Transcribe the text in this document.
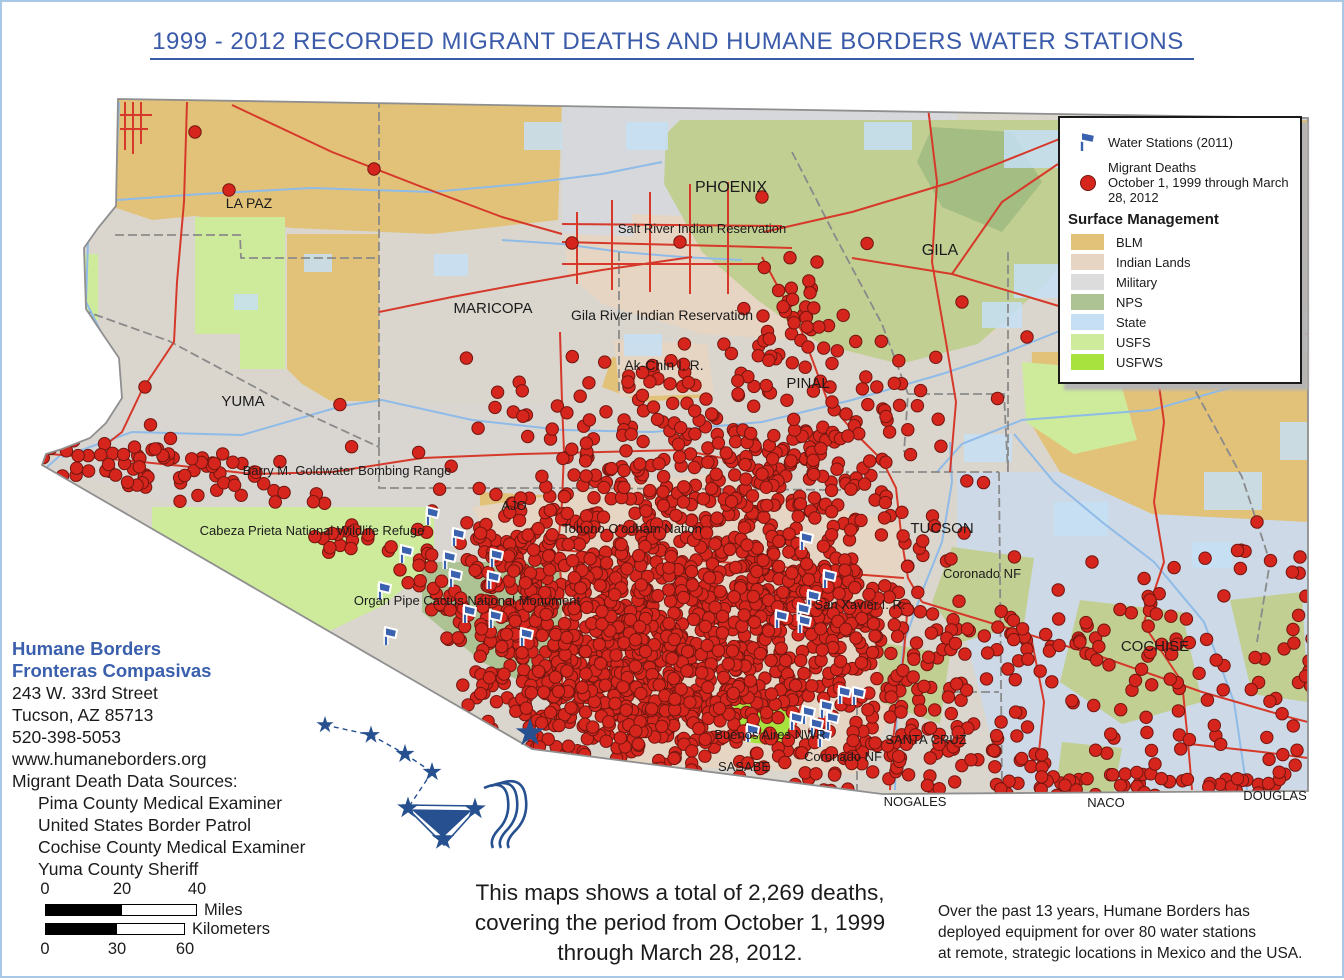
1999 - 2012 RECORDED MIGRANT DEATHS AND HUMANE BORDERS WATER STATIONS
LA PAZ
PHOENIX
Salt River Indian Reservation
GILA
MARICOPA	Gila River Indian Reservation
Ak-Chin I. R.
PINAL
YUMA
Barry M. Goldwater Bombing Range
AJO
Cabeza Prieta National Wildlife Refuge	Tohono O'odham Nation	TUCSON
Coronado NF
San Xavier I. R.
Organ Pipe Cactus National Monument
COCHISE
Buenos Aires NWR	SANTA CRUZ
Coronado NF
SASABE
NOGALES	NACO	DOUGLAS
Water Stations (2011)
Migrant Deaths
October 1, 1999 through March 28, 2012
Surface Management
BLM
Indian Lands
Military
NPS
State
USFS
USFWS
Humane Borders
Fronteras Compasivas
243 W. 33rd Street
Tucson, AZ 85713
520-398-5053
www.humaneborders.org
Migrant Death Data Sources:
Pima County Medical Examiner
United States Border Patrol
Cochise County Medical Examiner
Yuma County Sheriff
0	20	40
Miles
Kilometers
0	30	60
This maps shows a total of 2,269 deaths,
covering the period from October 1, 1999
through March 28, 2012.
Over the past 13 years, Humane Borders has
deployed equipment for over 80 water stations
at remote, strategic locations in Mexico and the USA.
